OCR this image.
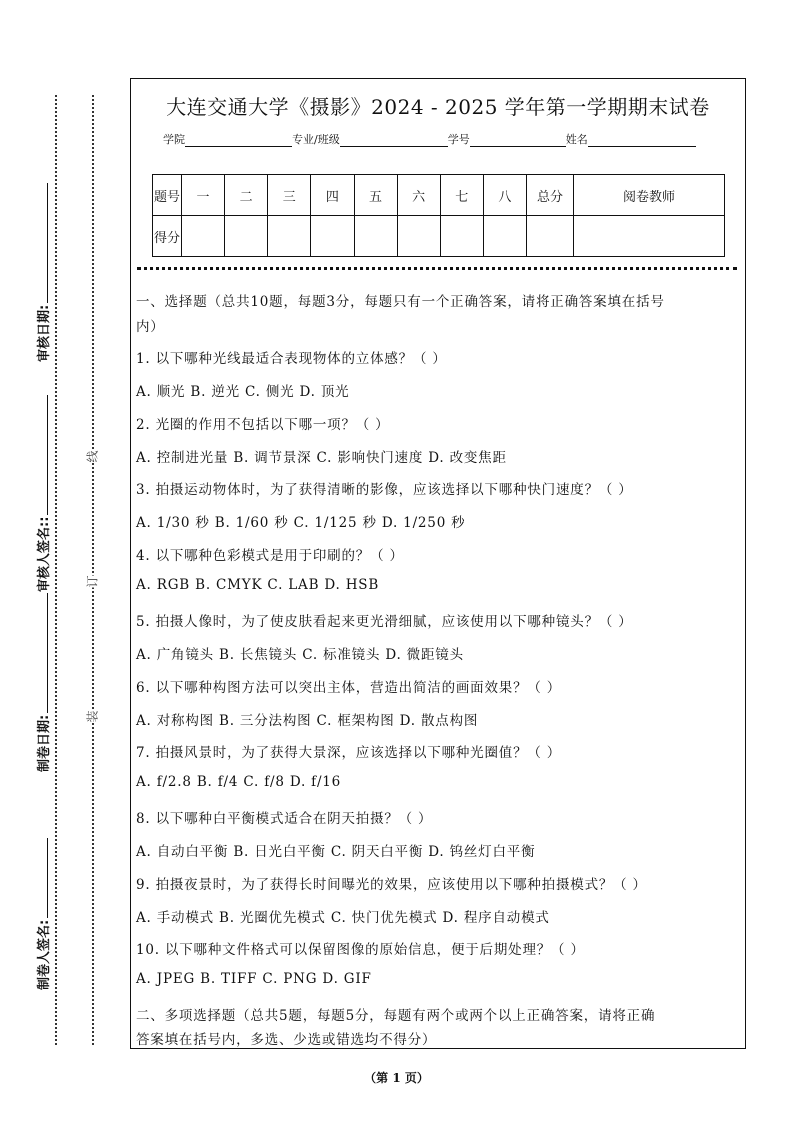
审核日期:
审核人签名::
制卷日期:
制卷人签名:
线
订
装
大连交通大学《摄影》2024 - 2025 学年第一学期期末试卷
学院	专业/班级	学号	姓名
题号	一	二	三	四	五	六	七	八	总分	阅卷教师
得分										
一、选择题（总共10题，每题3分，每题只有一个正确答案，请将正确答案填在括号
内）
1. 以下哪种光线最适合表现物体的立体感？（ ）
A. 顺光 B. 逆光 C. 侧光 D. 顶光
2. 光圈的作用不包括以下哪一项？（ ）
A. 控制进光量 B. 调节景深 C. 影响快门速度 D. 改变焦距
3. 拍摄运动物体时，为了获得清晰的影像，应该选择以下哪种快门速度？（ ）
A. 1/30 秒 B. 1/60 秒 C. 1/125 秒 D. 1/250 秒
4. 以下哪种色彩模式是用于印刷的？（ ）
A. RGB B. CMYK C. LAB D. HSB
5. 拍摄人像时，为了使皮肤看起来更光滑细腻，应该使用以下哪种镜头？（ ）
A. 广角镜头 B. 长焦镜头 C. 标准镜头 D. 微距镜头
6. 以下哪种构图方法可以突出主体，营造出简洁的画面效果？（ ）
A. 对称构图 B. 三分法构图 C. 框架构图 D. 散点构图
7. 拍摄风景时，为了获得大景深，应该选择以下哪种光圈值？（ ）
A. f/2.8 B. f/4 C. f/8 D. f/16
8. 以下哪种白平衡模式适合在阴天拍摄？（ ）
A. 自动白平衡 B. 日光白平衡 C. 阴天白平衡 D. 钨丝灯白平衡
9. 拍摄夜景时，为了获得长时间曝光的效果，应该使用以下哪种拍摄模式？（ ）
A. 手动模式 B. 光圈优先模式 C. 快门优先模式 D. 程序自动模式
10. 以下哪种文件格式可以保留图像的原始信息，便于后期处理？（ ）
A. JPEG B. TIFF C. PNG D. GIF
二、多项选择题（总共5题，每题5分，每题有两个或两个以上正确答案，请将正确
答案填在括号内，多选、少选或错选均不得分）
（第 1 页）
